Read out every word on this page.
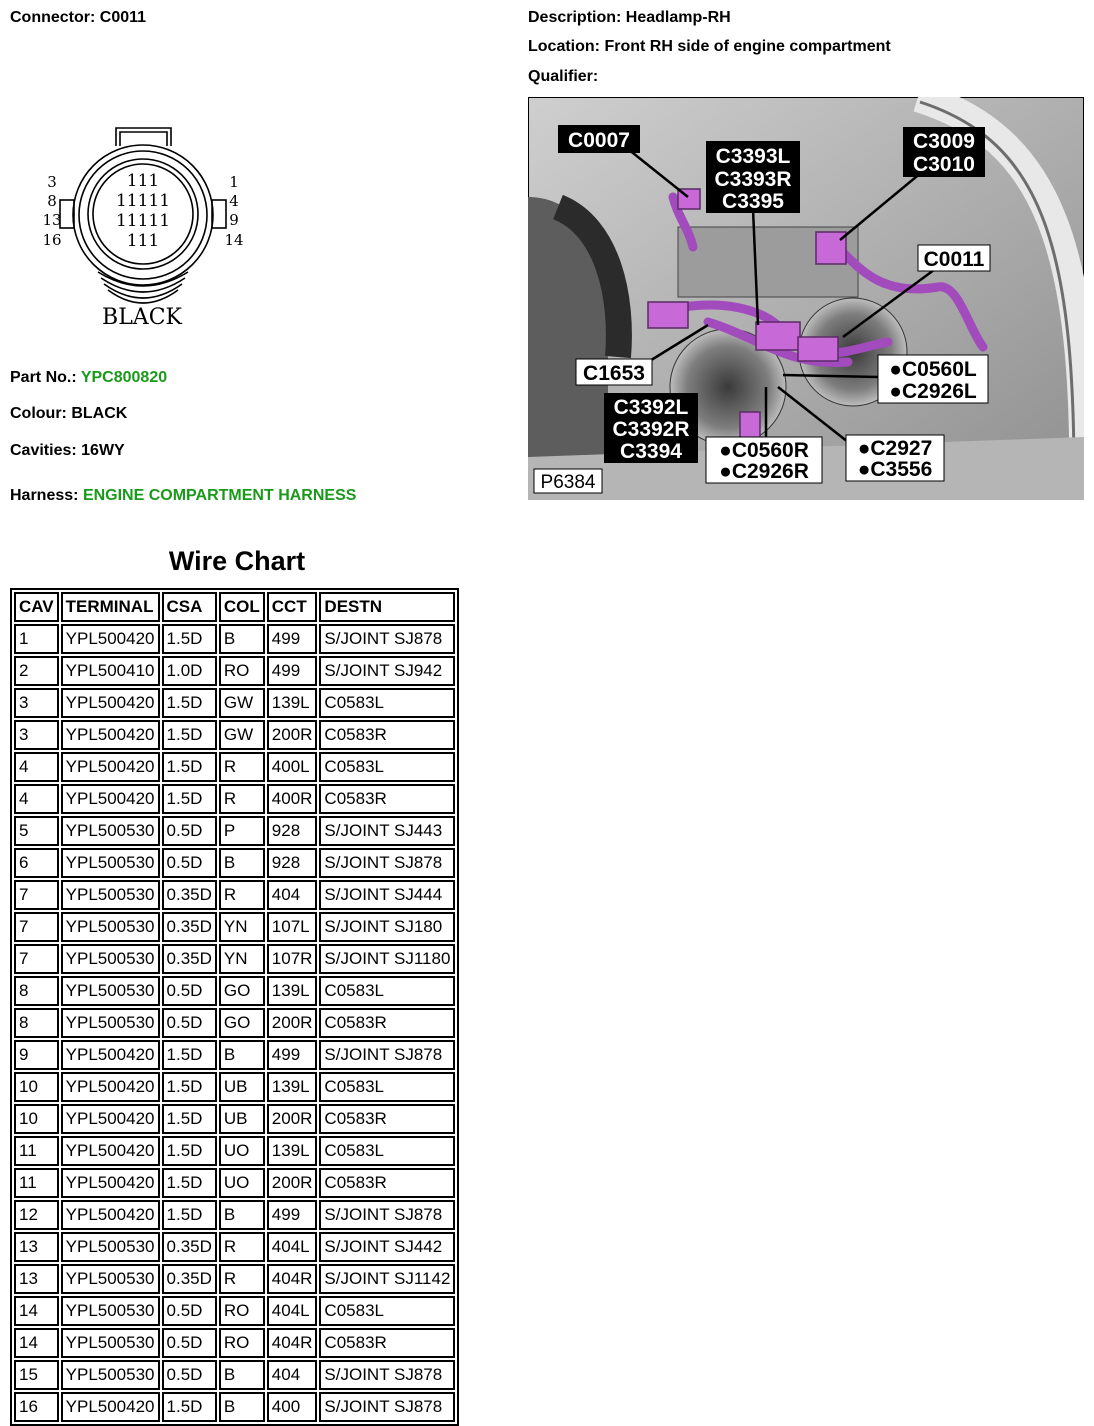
Connector: C0011
Part No.: YPC800820
Colour: BLACK
Cavities: 16WY
Harness: ENGINE COMPARTMENT HARNESS
Description: Headlamp-RH
Location: Front RH side of engine compartment
Qualifier:
111
11111
11111
111
3
8
13
16
1
4
9
14
BLACK
Wire Chart
CAV	TERMINAL	CSA	COL	CCT	DESTN
1	YPL500420	1.5D	B	499	S/JOINT SJ878
2	YPL500410	1.0D	RO	499	S/JOINT SJ942
3	YPL500420	1.5D	GW	139L	C0583L
3	YPL500420	1.5D	GW	200R	C0583R
4	YPL500420	1.5D	R	400L	C0583L
4	YPL500420	1.5D	R	400R	C0583R
5	YPL500530	0.5D	P	928	S/JOINT SJ443
6	YPL500530	0.5D	B	928	S/JOINT SJ878
7	YPL500530	0.35D	R	404	S/JOINT SJ444
7	YPL500530	0.35D	YN	107L	S/JOINT SJ180
7	YPL500530	0.35D	YN	107R	S/JOINT SJ1180
8	YPL500530	0.5D	GO	139L	C0583L
8	YPL500530	0.5D	GO	200R	C0583R
9	YPL500420	1.5D	B	499	S/JOINT SJ878
10	YPL500420	1.5D	UB	139L	C0583L
10	YPL500420	1.5D	UB	200R	C0583R
11	YPL500420	1.5D	UO	139L	C0583L
11	YPL500420	1.5D	UO	200R	C0583R
12	YPL500420	1.5D	B	499	S/JOINT SJ878
13	YPL500530	0.35D	R	404L	S/JOINT SJ442
13	YPL500530	0.35D	R	404R	S/JOINT SJ1142
14	YPL500530	0.5D	RO	404L	C0583L
14	YPL500530	0.5D	RO	404R	C0583R
15	YPL500530	0.5D	B	404	S/JOINT SJ878
16	YPL500420	1.5D	B	400	S/JOINT SJ878
C0007
C3393L
C3393R
C3395
C3009
C3010
C0011
C1653	●C0560L
●C2926L
C3392L
C3392R
C3394 ●C0560R
●C2926R
●C2927
●C3556
P6384
